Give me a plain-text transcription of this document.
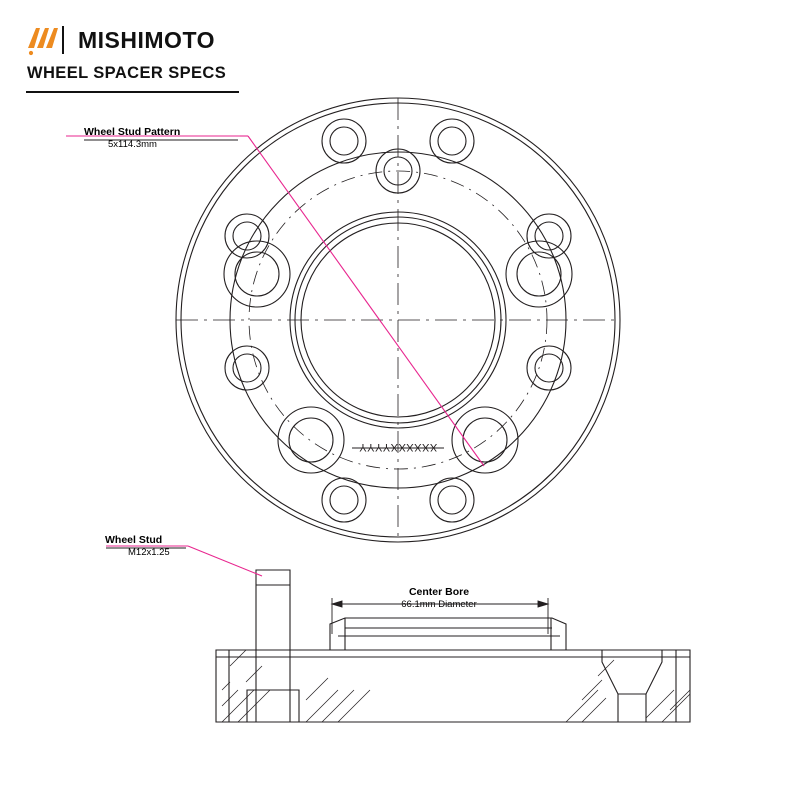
MISHIMOTO
WHEEL SPACER SPECS
Wheel Stud Pattern
5x114.3mm
Wheel Stud
M12x1.25
Center Bore
66.1mm Diameter
XXXXXXYYYY
